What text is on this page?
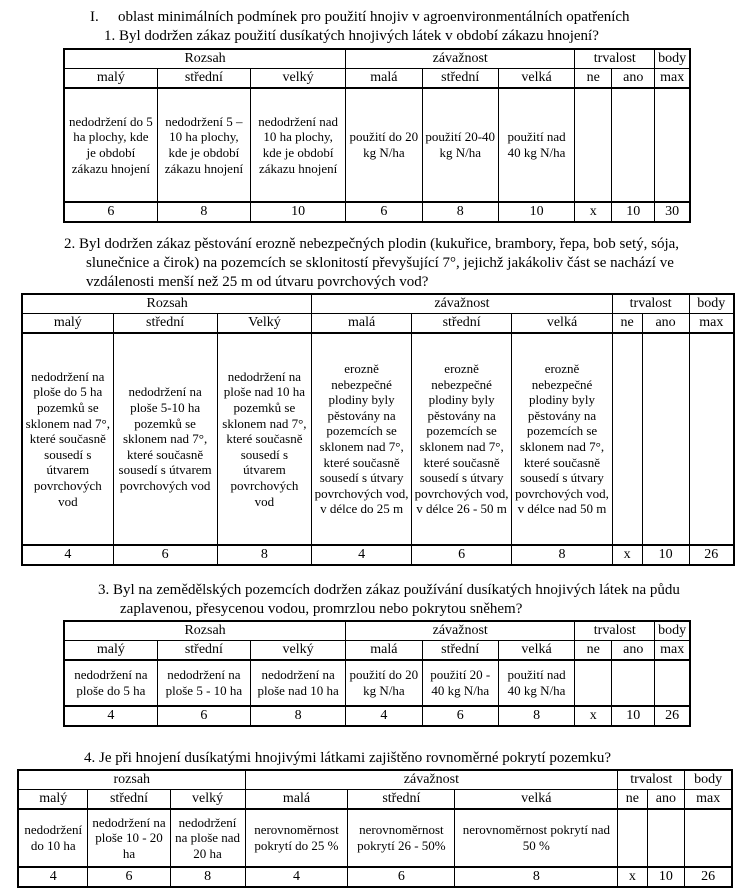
I. oblast minimálních podmínek pro použití hnojiv v agroenvironmentálních opatřeních
1. Byl dodržen zákaz použití dusíkatých hnojivých látek v období zákazu hnojení?
Rozsah			závažnost			trvalost		body
malý	střední	velký	malá	střední	velká	ne	ano	max
nedodržení do 5 ha plochy, kde je období zákazu hnojení	nedodržení 5 – 10 ha plochy, kde je období zákazu hnojení	nedodržení nad 10 ha plochy, kde je období zákazu hnojení	použití do 20 kg N/ha	použití 20-40 kg N/ha	použití nad 40 kg N/ha			
6	8	10	6	8	10	x	10	30
2. Byl dodržen zákaz pěstování erozně nebezpečných plodin (kukuřice, brambory, řepa, bob setý, sója, slunečnice a čirok) na pozemcích se sklonitostí převyšující 7°, jejichž jakákoliv část se nachází ve vzdálenosti menší než 25 m od útvaru povrchových vod?
Rozsah			závažnost			trvalost		body
malý	střední	Velký	malá	střední	velká	ne	ano	max
nedodržení na ploše do 5 ha pozemků se sklonem nad 7°, které současně sousedí s útvarem povrchových vod	nedodržení na ploše 5-10 ha pozemků se sklonem nad 7°, které současně sousedí s útvarem povrchových vod	nedodržení na ploše nad 10 ha pozemků se sklonem nad 7°, které současně sousedí s útvarem povrchových vod	erozně nebezpečné plodiny byly pěstovány na pozemcích se sklonem nad 7°, které současně sousedí s útvary povrchových vod, v délce do 25 m	erozně nebezpečné plodiny byly pěstovány na pozemcích se sklonem nad 7°, které současně sousedí s útvary povrchových vod, v délce 26 - 50 m	erozně nebezpečné plodiny byly pěstovány na pozemcích se sklonem nad 7°, které současně sousedí s útvary povrchových vod, v délce nad 50 m			
4	6	8	4	6	8	x	10	26
3. Byl na zemědělských pozemcích dodržen zákaz používání dusíkatých hnojivých látek na půdu zaplavenou, přesycenou vodou, promrzlou nebo pokrytou sněhem?
Rozsah			závažnost			trvalost		body
malý	střední	velký	malá	střední	velká	ne	ano	max
nedodržení na ploše do 5 ha	nedodržení na ploše 5 - 10 ha	nedodržení na ploše nad 10 ha	použití do 20 kg N/ha	použití 20 - 40 kg N/ha	použití nad 40 kg N/ha			
4	6	8	4	6	8	x	10	26
4. Je při hnojení dusíkatými hnojivými látkami zajištěno rovnoměrné pokrytí pozemku?
rozsah			závažnost			trvalost		body
malý	střední	velký	malá	střední	velká	ne	ano	max
nedodržení do 10 ha	nedodržení na ploše 10 - 20 ha	nedodržení na ploše nad 20 ha	nerovnoměrnost pokrytí do 25 %	nerovnoměrnost pokrytí 26 - 50%	nerovnoměrnost pokrytí nad 50 %			
4	6	8	4	6	8	x	10	26
